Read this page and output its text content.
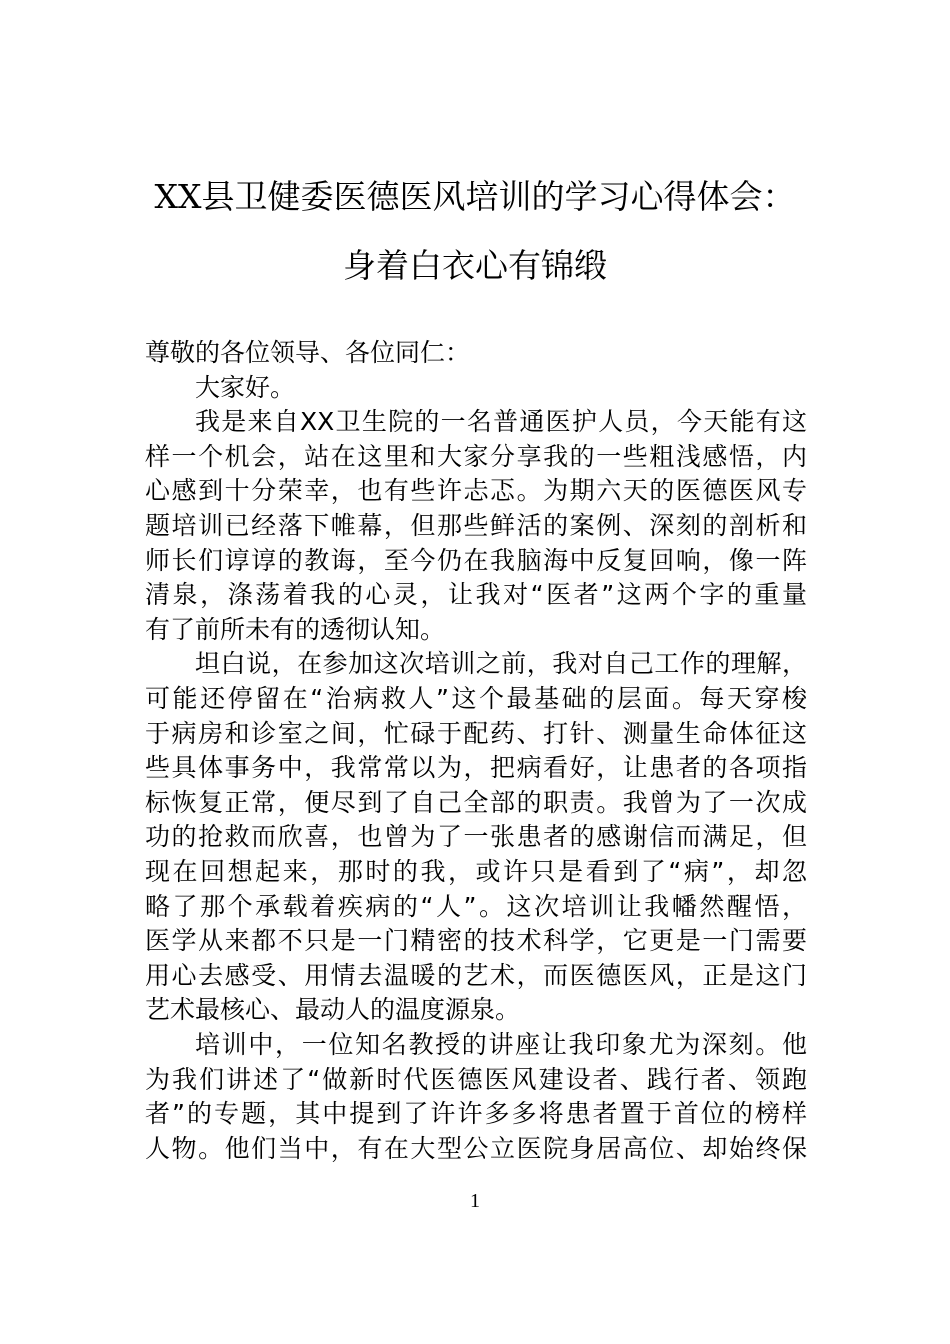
XX县卫健委医德医风培训的学习心得体会：
身着白衣心有锦缎
尊敬的各位领导、各位同仁：
大家好。
我是来自XX卫生院的一名普通医护人员，今天能有这
样一个机会，站在这里和大家分享我的一些粗浅感悟，内
心感到十分荣幸，也有些许忐忑。为期六天的医德医风专
题培训已经落下帷幕，但那些鲜活的案例、深刻的剖析和
师长们谆谆的教诲，至今仍在我脑海中反复回响，像一阵
清泉，涤荡着我的心灵，让我对“医者”这两个字的重量
有了前所未有的透彻认知。
坦白说，在参加这次培训之前，我对自己工作的理解，
可能还停留在“治病救人”这个最基础的层面。每天穿梭
于病房和诊室之间，忙碌于配药、打针、测量生命体征这
些具体事务中，我常常以为，把病看好，让患者的各项指
标恢复正常，便尽到了自己全部的职责。我曾为了一次成
功的抢救而欣喜，也曾为了一张患者的感谢信而满足，但
现在回想起来，那时的我，或许只是看到了“病”，却忽
略了那个承载着疾病的“人”。这次培训让我幡然醒悟，
医学从来都不只是一门精密的技术科学，它更是一门需要
用心去感受、用情去温暖的艺术，而医德医风，正是这门
艺术最核心、最动人的温度源泉。
培训中，一位知名教授的讲座让我印象尤为深刻。他
为我们讲述了“做新时代医德医风建设者、践行者、领跑
者”的专题，其中提到了许许多多将患者置于首位的榜样
人物。他们当中，有在大型公立医院身居高位、却始终保
1
